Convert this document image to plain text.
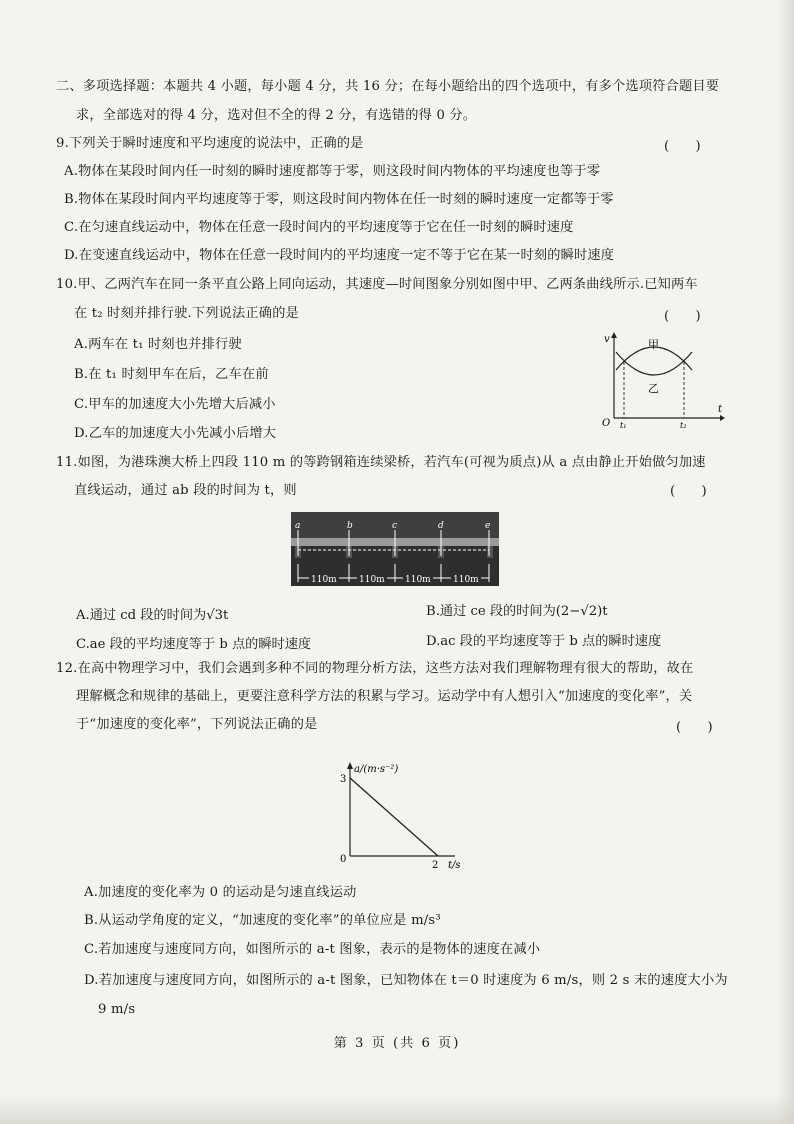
二、多项选择题：本题共 4 小题，每小题 4 分，共 16 分；在每小题给出的四个选项中，有多个选项符合题目要
求，全部选对的得 4 分，选对但不全的得 2 分，有选错的得 0 分。
9.下列关于瞬时速度和平均速度的说法中，正确的是	(　　)
A.物体在某段时间内任一时刻的瞬时速度都等于零，则这段时间内物体的平均速度也等于零
B.物体在某段时间内平均速度等于零，则这段时间内物体在任一时刻的瞬时速度一定都等于零
C.在匀速直线运动中，物体在任意一段时间内的平均速度等于它在任一时刻的瞬时速度
D.在变速直线运动中，物体在任意一段时间内的平均速度一定不等于它在某一时刻的瞬时速度
10.甲、乙两汽车在同一条平直公路上同向运动，其速度—时间图象分别如图中甲、乙两条曲线所示.已知两车
在 t₂ 时刻并排行驶.下列说法正确的是	(　　)
A.两车在 t₁ 时刻也并排行驶
B.在 t₁ 时刻甲车在后，乙车在前
C.甲车的加速度大小先增大后减小
D.乙车的加速度大小先减小后增大
v
t
O t₁	t₂
甲
乙
11.如图，为港珠澳大桥上四段 110 m 的等跨钢箱连续梁桥，若汽车(可视为质点)从 a 点由静止开始做匀加速
直线运动，通过 ab 段的时间为 t，则	(　　)
a	b	c	d	e
110m 110m 110m 110m
A.通过 cd 段的时间为√3t	B.通过 ce 段的时间为(2−√2)t
C.ae 段的平均速度等于 b 点的瞬时速度	D.ac 段的平均速度等于 b 点的瞬时速度
12.在高中物理学习中，我们会遇到多种不同的物理分析方法，这些方法对我们理解物理有很大的帮助，故在
理解概念和规律的基础上，更要注意科学方法的积累与学习。运动学中有人想引入“加速度的变化率”，关
于“加速度的变化率”，下列说法正确的是	(　　)
a/(m·s⁻²)
3
0
2 t/s
A.加速度的变化率为 0 的运动是匀速直线运动
B.从运动学角度的定义，“加速度的变化率”的单位应是 m/s³
C.若加速度与速度同方向，如图所示的 a-t 图象，表示的是物体的速度在减小
D.若加速度与速度同方向，如图所示的 a-t 图象，已知物体在 t＝0 时速度为 6 m/s，则 2 s 末的速度大小为
9 m/s
第 3 页 (共 6 页)
